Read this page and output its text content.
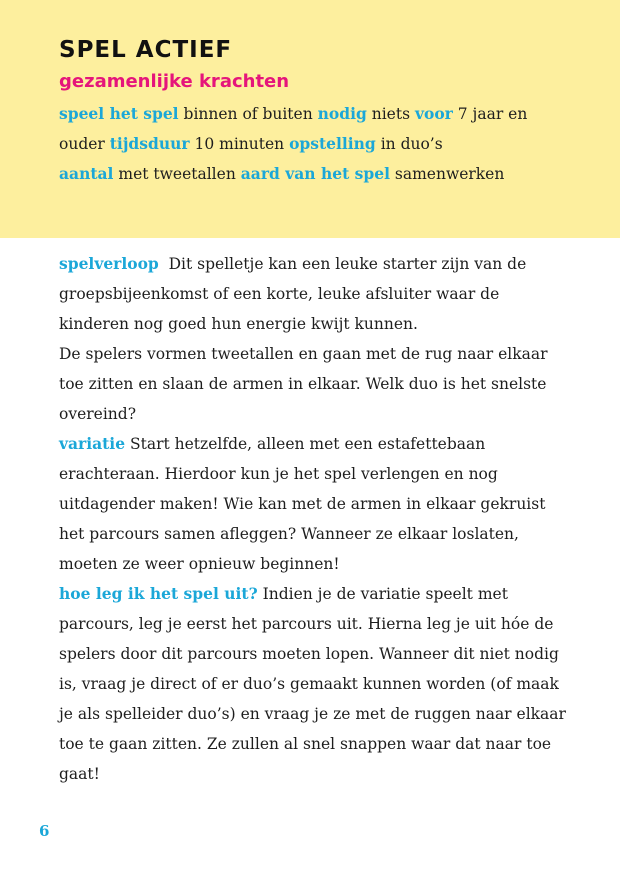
SPEL ACTIEF
gezamenlijke krachten

speel het spel binnen of buiten nodig niets voor 7 jaar en ouder tijdsduur 10 minuten opstelling in duo’s
aantal met tweetallen aard van het spel samenwerken

spelverloop Dit spelletje kan een leuke starter zijn van de groepsbijeenkomst of een korte, leuke afsluiter waar de kinderen nog goed hun energie kwijt kunnen.

De spelers vormen tweetallen en gaan met de rug naar elkaar toe zitten en slaan de armen in elkaar. Welk duo is het snelste overeind?

variatie Start hetzelfde, alleen met een estafettebaan erachteraan. Hierdoor kun je het spel verlengen en nog uitdagender maken! Wie kan met de armen in elkaar gekruist het parcours samen afleggen? Wanneer ze elkaar loslaten, moeten ze weer opnieuw beginnen!

hoe leg ik het spel uit? Indien je de variatie speelt met parcours, leg je eerst het parcours uit. Hierna leg je uit hóe de spelers door dit parcours moeten lopen. Wanneer dit niet nodig is, vraag je direct of er duo’s gemaakt kunnen worden (of maak je als spelleider duo’s) en vraag je ze met de ruggen naar elkaar toe te gaan zitten. Ze zullen al snel snappen waar dat naar toe gaat!

6
